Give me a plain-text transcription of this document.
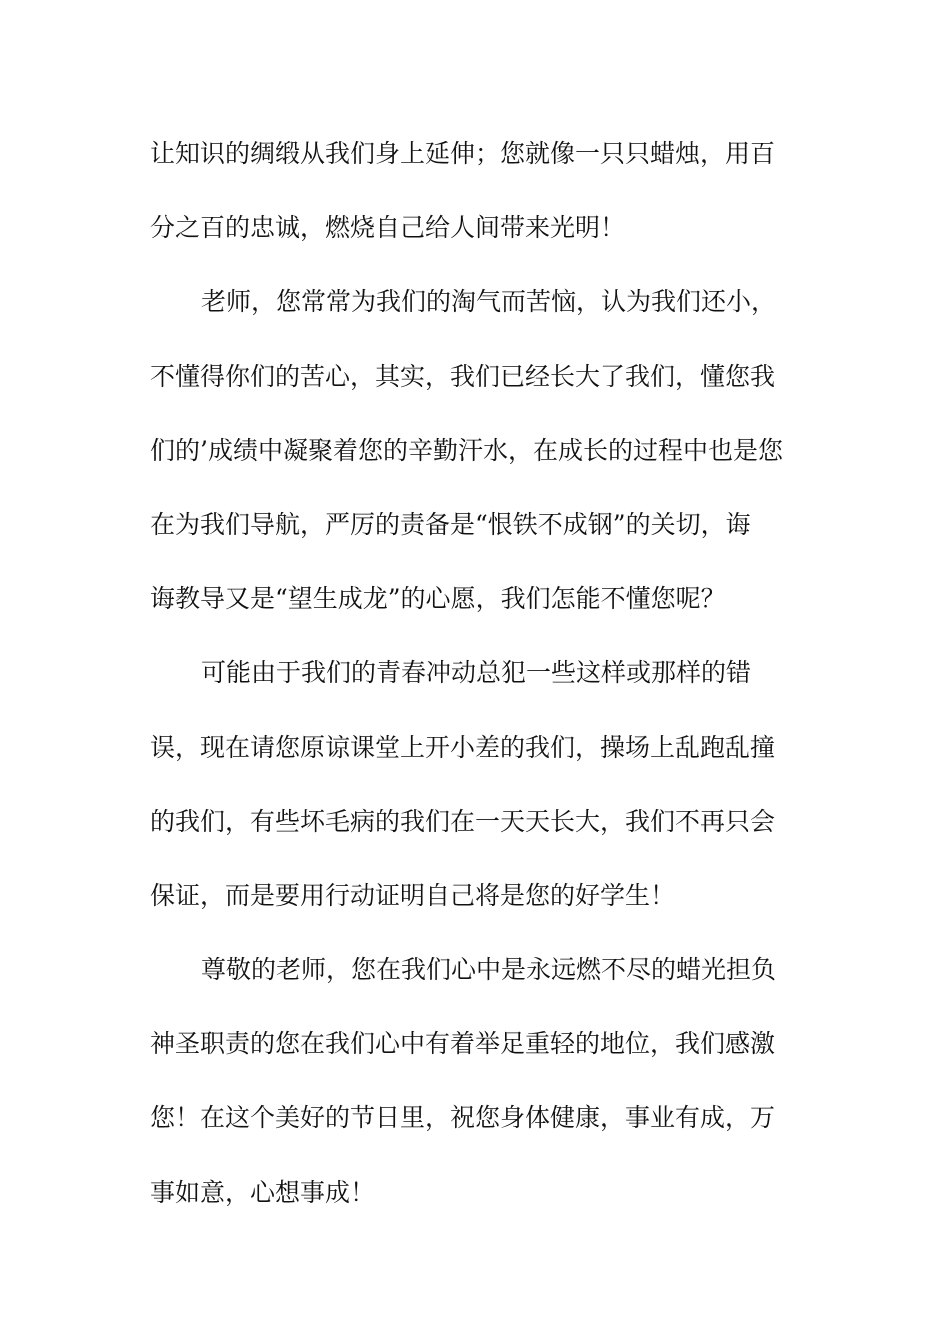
让知识的绸缎从我们身上延伸；您就像一只只蜡烛，用百
分之百的忠诚，燃烧自己给人间带来光明！
老师，您常常为我们的淘气而苦恼，认为我们还小，
不懂得你们的苦心，其实，我们已经长大了我们，懂您我
们的’成绩中凝聚着您的辛勤汗水，在成长的过程中也是您
在为我们导航，严厉的责备是“恨铁不成钢”的关切，诲
诲教导又是“望生成龙”的心愿，我们怎能不懂您呢？
可能由于我们的青春冲动总犯一些这样或那样的错
误，现在请您原谅课堂上开小差的我们，操场上乱跑乱撞
的我们，有些坏毛病的我们在一天天长大，我们不再只会
保证，而是要用行动证明自己将是您的好学生！
尊敬的老师，您在我们心中是永远燃不尽的蜡光担负
神圣职责的您在我们心中有着举足重轻的地位，我们感激
您！在这个美好的节日里，祝您身体健康，事业有成，万
事如意，心想事成！
